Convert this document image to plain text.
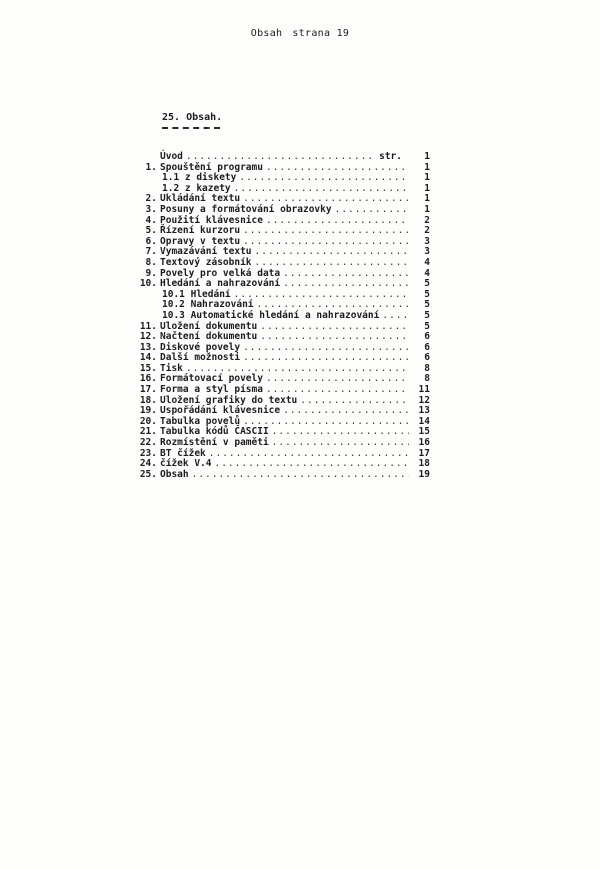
Obsah strana 19
25. Obsah.
Úvod .....	str.	1
1. Spouštění programu .....	1
1.1 z diskety .....	1
1.2 z kazety .....	1
2. Ukládání textu .....	1
3. Posuny a formátování obrazovky .....	1
4. Použití klávesnice .....	2
5. Řízení kurzoru .....	2
6. Opravy v textu .....	3
7. Vymazávání textu .....	3
8. Textový zásobník .....	4
9. Povely pro velká data .....	4
10. Hledání a nahrazování .....	5
10.1 Hledání .....	5
10.2 Nahrazování .....	5
10.3 Automatické hledání a nahrazování .....	5
11. Uložení dokumentu .....	5
12. Načtení dokumentu .....	6
13. Diskové povely .....	6
14. Další možnosti .....	6
15. Tisk .....	8
16. Formátovací povely .....	8
17. Forma a styl písma .....	11
18. Uložení grafiky do textu .....	12
19. Uspořádání klávesnice .....	13
20. Tabulka povelů .....	14
21. Tabulka kódů ČASCII .....	15
22. Rozmístění v paměti .....	16
23. BT čížek .....	17
24. čížek V.4 .....	18
25. Obsah .....	19
